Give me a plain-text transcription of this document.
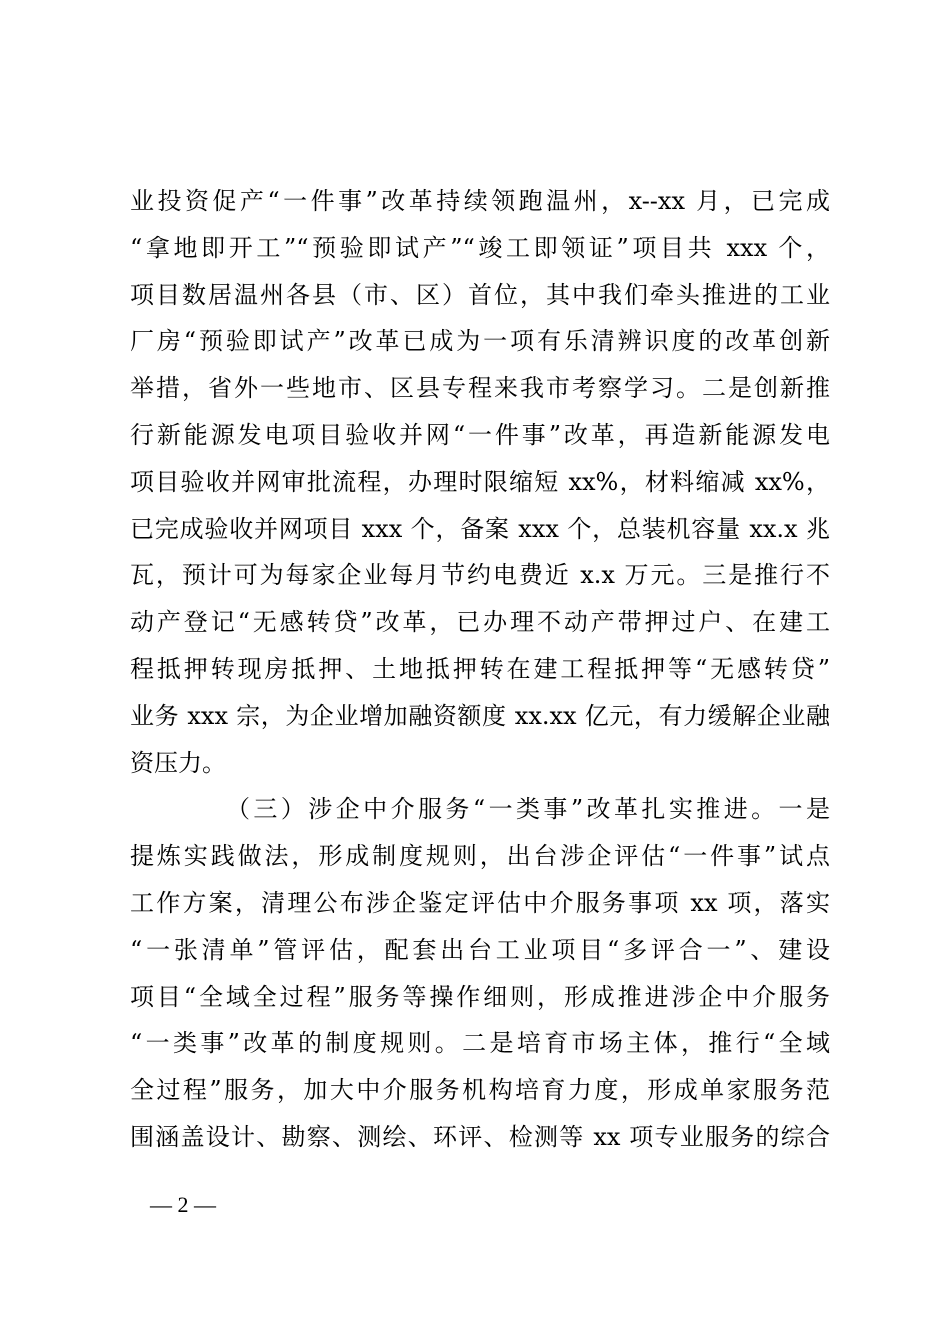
业投资促产“一件事”改革持续领跑温州，x--xx 月，已完成
“拿地即开工”“预验即试产”“竣工即领证”项目共 xxx 个，
项目数居温州各县（市、区）首位，其中我们牵头推进的工业
厂房“预验即试产”改革已成为一项有乐清辨识度的改革创新
举措，省外一些地市、区县专程来我市考察学习。二是创新推
行新能源发电项目验收并网“一件事”改革，再造新能源发电
项目验收并网审批流程，办理时限缩短 xx%，材料缩减 xx%，
已完成验收并网项目 xxx 个，备案 xxx 个，总装机容量 xx.x 兆
瓦，预计可为每家企业每月节约电费近 x.x 万元。三是推行不
动产登记“无感转贷”改革，已办理不动产带押过户、在建工
程抵押转现房抵押、土地抵押转在建工程抵押等“无感转贷”
业务 xxx 宗，为企业增加融资额度 xx.xx 亿元，有力缓解企业融
资压力。
（三）涉企中介服务“一类事”改革扎实推进。一是
提炼实践做法，形成制度规则，出台涉企评估“一件事”试点
工作方案，清理公布涉企鉴定评估中介服务事项 xx 项，落实
“一张清单”管评估，配套出台工业项目“多评合一”、建设
项目“全域全过程”服务等操作细则，形成推进涉企中介服务
“一类事”改革的制度规则。二是培育市场主体，推行“全域
全过程”服务，加大中介服务机构培育力度，形成单家服务范
围涵盖设计、勘察、测绘、环评、检测等 xx 项专业服务的综合
— 2 —
